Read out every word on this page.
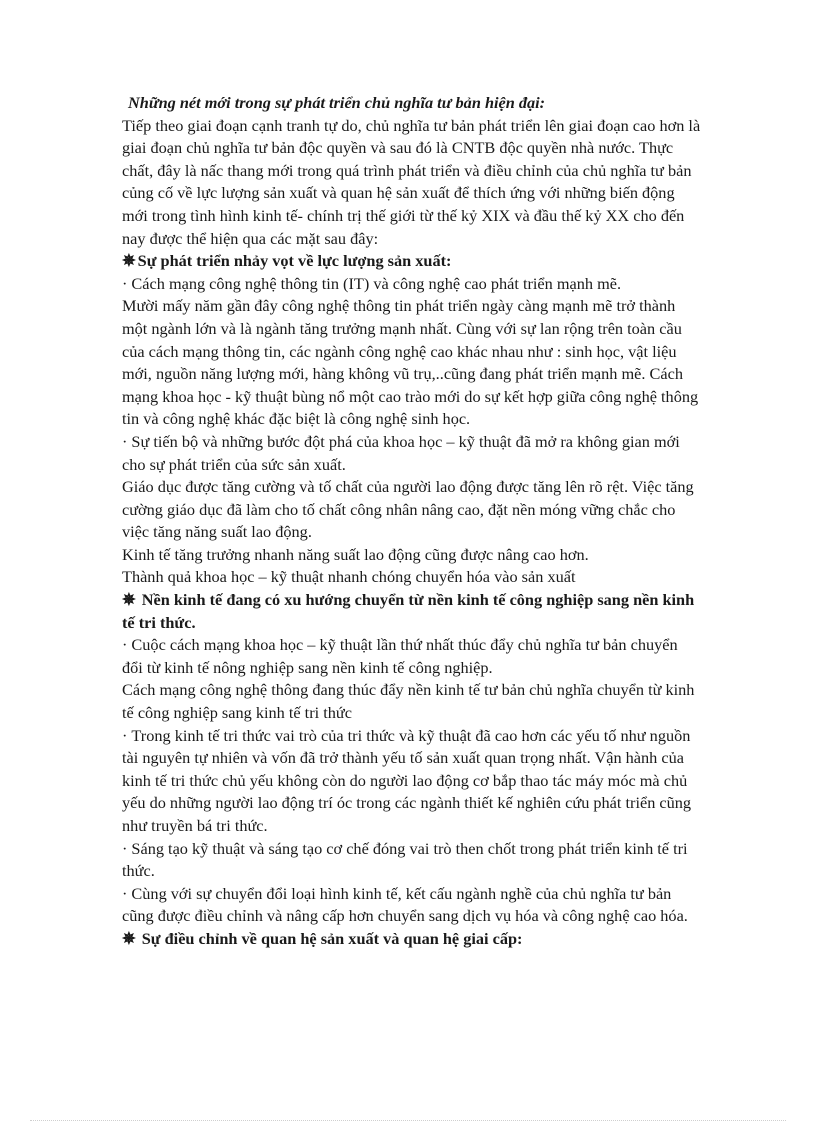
Những nét mới trong sự phát triển chủ nghĩa tư bản hiện đại:

Tiếp theo giai đoạn cạnh tranh tự do, chủ nghĩa tư bản phát triển lên giai đoạn cao hơn là giai đoạn chủ nghĩa tư bản độc quyền và sau đó là CNTB độc quyền nhà nước. Thực chất, đây là nấc thang mới trong quá trình phát triển và điều chỉnh của chủ nghĩa tư bản củng cố về lực lượng sản xuất và quan hệ sản xuất để thích ứng với những biến động mới trong tình hình kinh tế- chính trị thế giới từ thế kỷ XIX và đầu thế kỷ XX cho đến nay được thể hiện qua các mặt sau đây:

✵ Sự phát triển nhảy vọt về lực lượng sản xuất:

· Cách mạng công nghệ thông tin (IT) và công nghệ cao phát triển mạnh mẽ.

Mười mấy năm gần đây công nghệ thông tin phát triển ngày càng mạnh mẽ trở thành một ngành lớn và là ngành tăng trưởng mạnh nhất. Cùng với sự lan rộng trên toàn cầu của cách mạng thông tin, các ngành công nghệ cao khác nhau như : sinh học, vật liệu mới, nguồn năng lượng mới, hàng không vũ trụ,..cũng đang phát triển mạnh mẽ. Cách mạng khoa học - kỹ thuật bùng nổ một cao trào mới do sự kết hợp giữa công nghệ thông tin và công nghệ khác đặc biệt là công nghệ sinh học.

· Sự tiến bộ và những bước đột phá của khoa học – kỹ thuật đã mở ra không gian mới cho sự phát triển của sức sản xuất.

Giáo dục được tăng cường và tố chất của người lao động được tăng lên rõ rệt. Việc tăng cường giáo dục đã làm cho tố chất công nhân nâng cao, đặt nền móng vững chắc cho việc tăng năng suất lao động.

Kinh tế tăng trưởng nhanh năng suất lao động cũng được nâng cao hơn.

Thành quả khoa học – kỹ thuật nhanh chóng chuyển hóa vào sản xuất

✵ Nền kinh tế đang có xu hướng chuyển từ nền kinh tế công nghiệp sang nền kinh tế tri thức.

· Cuộc cách mạng khoa học – kỹ thuật lần thứ nhất thúc đẩy chủ nghĩa tư bản chuyển đổi từ kinh tế nông nghiệp sang nền kinh tế công nghiệp.

Cách mạng công nghệ thông đang thúc đẩy nền kinh tế tư bản chủ nghĩa chuyển từ kinh tế công nghiệp sang kinh tế tri thức

· Trong kinh tế tri thức vai trò của tri thức và kỹ thuật đã cao hơn các yếu tố như nguồn tài nguyên tự nhiên và vốn đã trở thành yếu tố sản xuất quan trọng nhất. Vận hành của kinh tế tri thức chủ yếu không còn do người lao động cơ bắp thao tác máy móc mà chủ yếu do những người lao động trí óc trong các ngành thiết kế nghiên cứu phát triển cũng như truyền bá tri thức.

· Sáng tạo kỹ thuật và sáng tạo cơ chế đóng vai trò then chốt trong phát triển kinh tế tri thức.

· Cùng với sự chuyển đổi loại hình kinh tế, kết cấu ngành nghề của chủ nghĩa tư bản cũng được điều chỉnh và nâng cấp hơn chuyển sang dịch vụ hóa và công nghệ cao hóa.

✵ Sự điều chỉnh về quan hệ sản xuất và quan hệ giai cấp:
